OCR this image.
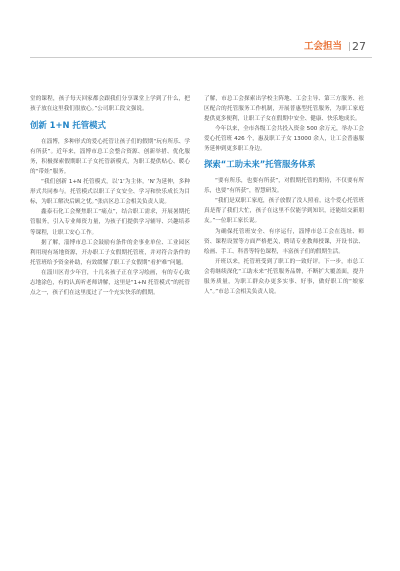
工会担当 27

堂的课程，孩子每天回家都会跟我们分享课堂上学到了什么，把孩子放在这里我们很放心。”公司职工段文强说。

创新 1+N 托管模式

在淄博，多种形式的爱心托管让孩子们的假期“玩有所乐、学有所获”。近年来，淄博市总工会整合资源、创新举措、优化服务，积极探索假期职工子女托管新模式，为职工提供贴心、暖心的“带娃”服务。

“我们创新 1+N 托管模式，以‘1’为主体，‘N’为延伸，多种形式共同参与。托管模式以职工子女安全、学习和快乐成长为目标，为职工解决后顾之忧。”张店区总工会相关负责人说。

鑫泰石化工会聚焦职工“痛点”，结合职工需求，开展暑期托管服务，引入专业师资力量，为孩子们提供学习辅导、兴趣培养等课程，让职工安心工作。

据了解，淄博市总工会鼓励有条件的企事业单位、工业园区利用现有场地资源，开办职工子女假期托管班，并对符合条件的托管班给予资金补助，有效缓解了职工子女假期“看护难”问题。

在淄川区青少年宫，十几名孩子正在学习绘画，有的专心致志地涂色，有的认真听老师讲解，这里是“1+N 托管模式”的托管点之一，孩子们在这里度过了一个充实快乐的假期。

了解，市总工会探索出学校主阵地、工会主导、第三方服务、社区配合的托管服务工作机制，开展普惠型托管服务，为职工家庭提供更多便利，让职工子女在假期中安全、健康、快乐地成长。

今年以来，全市各级工会共投入资金 500 余万元，举办工会爱心托管班 426 个，惠及职工子女 13000 余人，让工会普惠服务延伸到更多职工身边。

探索“工助未来”托管服务体系

“要有所乐，也要有所获”，对假期托管的期待，不仅要有所乐，也要“有所获”，智慧研发。

“我们是双职工家庭，孩子放假了没人照看，这个爱心托管班真是帮了我们大忙，孩子在这里不仅能学到知识，还能结交新朋友。”一位职工家长说。

为确保托管班安全、有序运行，淄博市总工会在选址、师资、课程设置等方面严格把关，聘请专业教师授课，开设书法、绘画、手工、科普等特色课程，丰富孩子们的假期生活。

开班以来，托管班受到了职工的一致好评。下一步，市总工会将继续深化“工助未来”托管服务品牌，不断扩大覆盖面，提升服务质量，为职工群众办更多实事、好事，做好职工的“娘家人”。”市总工会相关负责人说。
